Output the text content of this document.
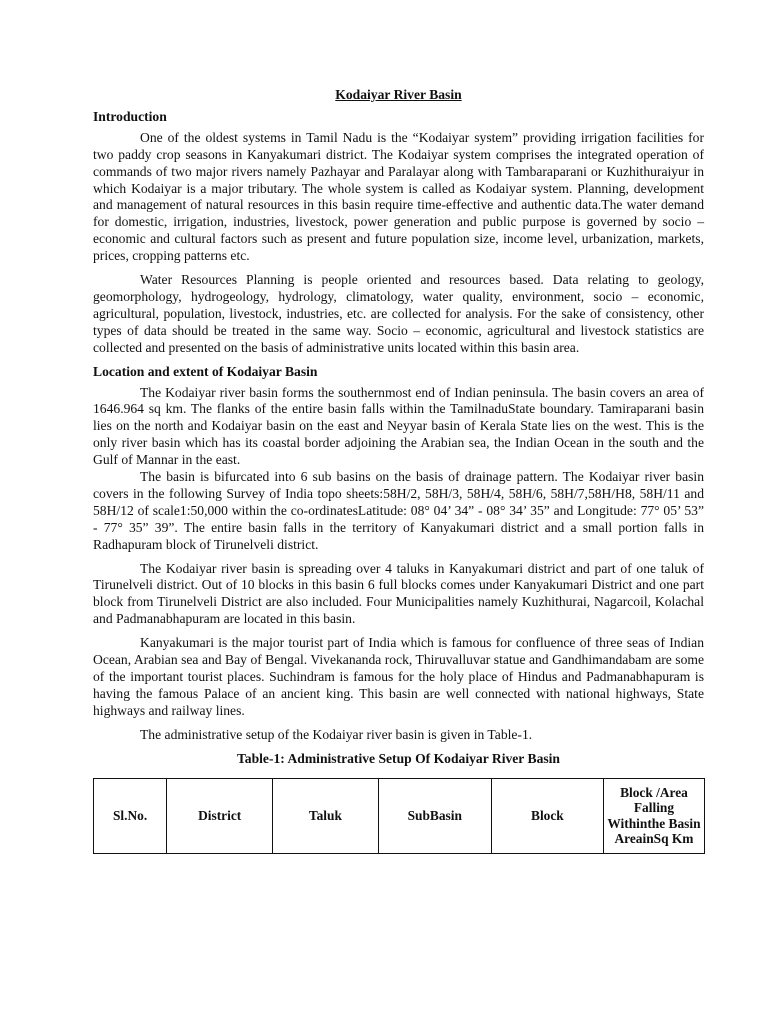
Kodaiyar River Basin
Introduction

One of the oldest systems in Tamil Nadu is the “Kodaiyar system” providing irrigation facilities for two paddy crop seasons in Kanyakumari district. The Kodaiyar system comprises the integrated operation of commands of two major rivers namely Pazhayar and Paralayar along with Tambaraparani or Kuzhithuraiyur in which Kodaiyar is a major tributary. The whole system is called as Kodaiyar system. Planning, development and management of natural resources in this basin require time-effective and authentic data.The water demand for domestic, irrigation, industries, livestock, power generation and public purpose is governed by socio – economic and cultural factors such as present and future population size, income level, urbanization, markets, prices, cropping patterns etc.

Water Resources Planning is people oriented and resources based. Data relating to geology, geomorphology, hydrogeology, hydrology, climatology, water quality, environment, socio – economic, agricultural, population, livestock, industries, etc. are collected for analysis. For the sake of consistency, other types of data should be treated in the same way. Socio – economic, agricultural and livestock statistics are collected and presented on the basis of administrative units located within this basin area.

Location and extent of Kodaiyar Basin

The Kodaiyar river basin forms the southernmost end of Indian peninsula. The basin covers an area of 1646.964 sq km. The flanks of the entire basin falls within the TamilnaduState boundary. Tamiraparani basin lies on the north and Kodaiyar basin on the east and Neyyar basin of Kerala State lies on the west. This is the only river basin which has its coastal border adjoining the Arabian sea, the Indian Ocean in the south and the Gulf of Mannar in the east.

The basin is bifurcated into 6 sub basins on the basis of drainage pattern. The Kodaiyar river basin covers in the following Survey of India topo sheets:58H/2, 58H/3, 58H/4, 58H/6, 58H/7,58H/H8, 58H/11 and 58H/12 of scale1:50,000 within the co-ordinatesLatitude: 08° 04’ 34” - 08° 34’ 35” and Longitude: 77° 05’ 53” - 77° 35” 39”. The entire basin falls in the territory of Kanyakumari district and a small portion falls in Radhapuram block of Tirunelveli district.

The Kodaiyar river basin is spreading over 4 taluks in Kanyakumari district and part of one taluk of Tirunelveli district. Out of 10 blocks in this basin 6 full blocks comes under Kanyakumari District and one part block from Tirunelveli District are also included. Four Municipalities namely Kuzhithurai, Nagarcoil, Kolachal and Padmanabhapuram are located in this basin.

Kanyakumari is the major tourist part of India which is famous for confluence of three seas of Indian Ocean, Arabian sea and Bay of Bengal. Vivekananda rock, Thiruvalluvar statue and Gandhimandabam are some of the important tourist places. Suchindram is famous for the holy place of Hindus and Padmanabhapuram is having the famous Palace of an ancient king. This basin are well connected with national highways, State highways and railway lines.

The administrative setup of the Kodaiyar river basin is given in Table-1.

Table-1: Administrative Setup Of Kodaiyar River Basin
Sl.No.	District	Taluk	SubBasin	Block	Block /Area Falling Withinthe Basin AreainSq Km
